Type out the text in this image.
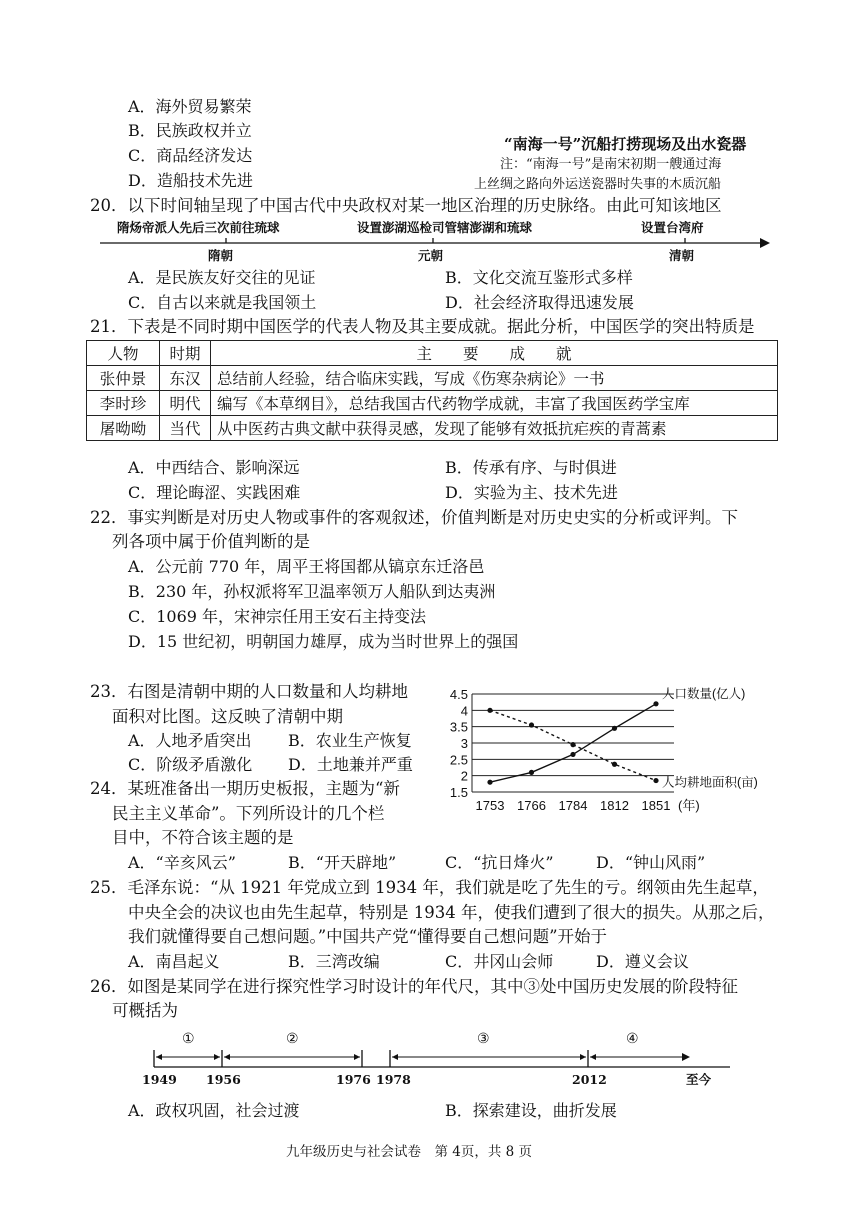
A．海外贸易繁荣
B．民族政权并立
C．商品经济发达
D．造船技术先进
“南海一号”沉船打捞现场及出水瓷器
注：“南海一号”是南宋初期一艘通过海
上丝绸之路向外运送瓷器时失事的木质沉船
20．以下时间轴呈现了中国古代中央政权对某一地区治理的历史脉络。由此可知该地区
隋炀帝派人先后三次前往琉球	设置澎湖巡检司管辖澎湖和琉球	设置台湾府
隋朝	元朝	清朝
A．是民族友好交往的见证	B．文化交流互鉴形式多样
C．自古以来就是我国领土	D．社会经济取得迅速发展
21．下表是不同时期中国医学的代表人物及其主要成就。据此分析，中国医学的突出特质是
人物	时期	主　　要　　成　　就
张仲景	东汉	总结前人经验，结合临床实践，写成《伤寒杂病论》一书
李时珍	明代	编写《本草纲目》，总结我国古代药物学成就，丰富了我国医药学宝库
屠呦呦	当代	从中医药古典文献中获得灵感，发现了能够有效抵抗疟疾的青蒿素
A．中西结合、影响深远	B．传承有序、与时俱进
C．理论晦涩、实践困难	D．实验为主、技术先进
22．事实判断是对历史人物或事件的客观叙述，价值判断是对历史史实的分析或评判。下
列各项中属于价值判断的是
A．公元前 770 年，周平王将国都从镐京东迁洛邑
B．230 年，孙权派将军卫温率领万人船队到达夷洲
C．1069 年，宋神宗任用王安石主持变法
D．15 世纪初，明朝国力雄厚，成为当时世界上的强国
23．右图是清朝中期的人口数量和人均耕地
面积对比图。这反映了清朝中期
A．人地矛盾突出 B．农业生产恢复
C．阶级矛盾激化 D．土地兼并严重
1.5
2
2.5
3
3.5
4
4.5
1753 1766 1784 1812 1851 (年)
人口数量(亿人)
人均耕地面积(亩)
24．某班准备出一期历史板报，主题为“新
民主主义革命”。下列所设计的几个栏
目中，不符合该主题的是
A．“辛亥风云”	B．“开天辟地”	C．“抗日烽火”	D．“钟山风雨”
25．毛泽东说：“从 1921 年党成立到 1934 年，我们就是吃了先生的亏。纲领由先生起草，
中央全会的决议也由先生起草，特别是 1934 年，使我们遭到了很大的损失。从那之后，
我们就懂得要自己想问题。”中国共产党“懂得要自己想问题”开始于
A．南昌起义	B．三湾改编	C．井冈山会师	D．遵义会议
26．如图是某同学在进行探究性学习时设计的年代尺，其中③处中国历史发展的阶段特征
可概括为
①	②	③	④
1949 1956	1976 1978	2012	至今
A．政权巩固，社会过渡	B．探索建设，曲折发展
九年级历史与社会试卷　第 4页，共 8 页
